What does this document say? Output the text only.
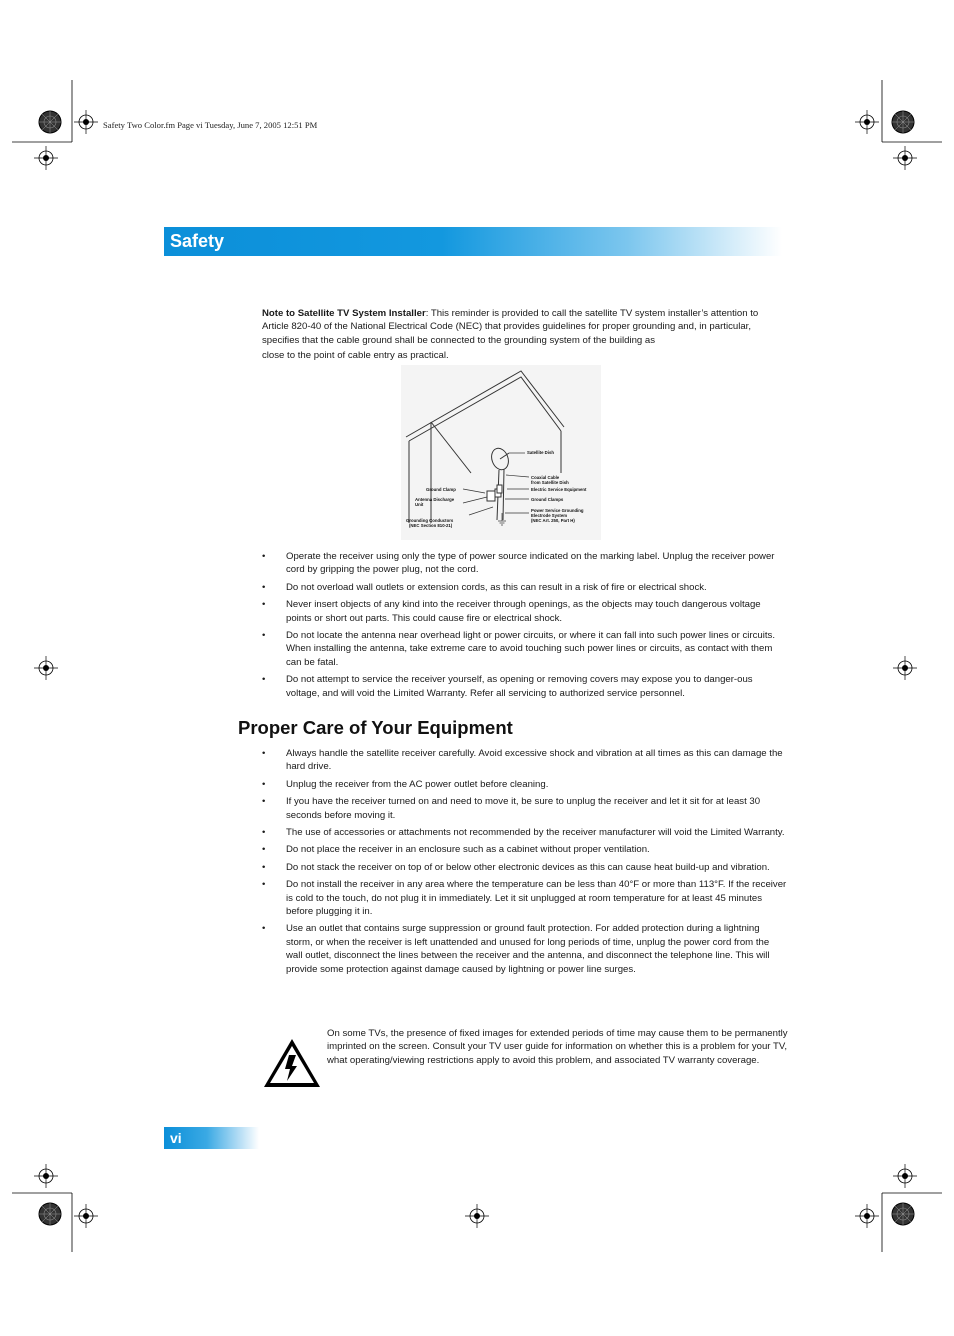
Safety Two Color.fm Page vi Tuesday, June 7, 2005 12:51 PM
Safety
Note to Satellite TV System Installer: This reminder is provided to call the satellite TV system installer’s attention to Article 820-40 of the National Electrical Code (NEC) that provides guidelines for proper grounding and, in particular, specifies that the cable ground shall be connected to the grounding system of the building as
close to the point of cable entry as practical.
Satellite Dish
Coaxial Cable
from Satellite Dish
Electric Service Equipment
Ground Clamps
Power Service Grounding
Electrode System
(NEC Art. 250, Part H)
Ground Clamp
Antenna Discharge
Unit
Grounding Conductors
(NEC Section 810-21)
• Operate the receiver using only the type of power source indicated on the marking label. Unplug the receiver power cord by gripping the power plug, not the cord.
• Do not overload wall outlets or extension cords, as this can result in a risk of fire or electrical shock.
• Never insert objects of any kind into the receiver through openings, as the objects may touch dangerous voltage points or short out parts. This could cause fire or electrical shock.
• Do not locate the antenna near overhead light or power circuits, or where it can fall into such power lines or circuits. When installing the antenna, take extreme care to avoid touching such power lines or circuits, as contact with them can be fatal.
• Do not attempt to service the receiver yourself, as opening or removing covers may expose you to danger-ous voltage, and will void the Limited Warranty. Refer all servicing to authorized service personnel.
Proper Care of Your Equipment
• Always handle the satellite receiver carefully. Avoid excessive shock and vibration at all times as this can damage the hard drive.
• Unplug the receiver from the AC power outlet before cleaning.
• If you have the receiver turned on and need to move it, be sure to unplug the receiver and let it sit for at least 30 seconds before moving it.
• The use of accessories or attachments not recommended by the receiver manufacturer will void the Limited Warranty.
• Do not place the receiver in an enclosure such as a cabinet without proper ventilation.
• Do not stack the receiver on top of or below other electronic devices as this can cause heat build-up and vibration.
• Do not install the receiver in any area where the temperature can be less than 40°F or more than 113°F. If the receiver is cold to the touch, do not plug it in immediately. Let it sit unplugged at room temperature for at least 45 minutes before plugging it in.
• Use an outlet that contains surge suppression or ground fault protection. For added protection during a lightning storm, or when the receiver is left unattended and unused for long periods of time, unplug the power cord from the wall outlet, disconnect the lines between the receiver and the antenna, and disconnect the telephone line. This will provide some protection against damage caused by lightning or power line surges.
On some TVs, the presence of fixed images for extended periods of time may cause them to be permanently imprinted on the screen. Consult your TV user guide for information on whether this is a problem for your TV, what operating/viewing restrictions apply to avoid this problem, and associated TV warranty coverage.
vi
